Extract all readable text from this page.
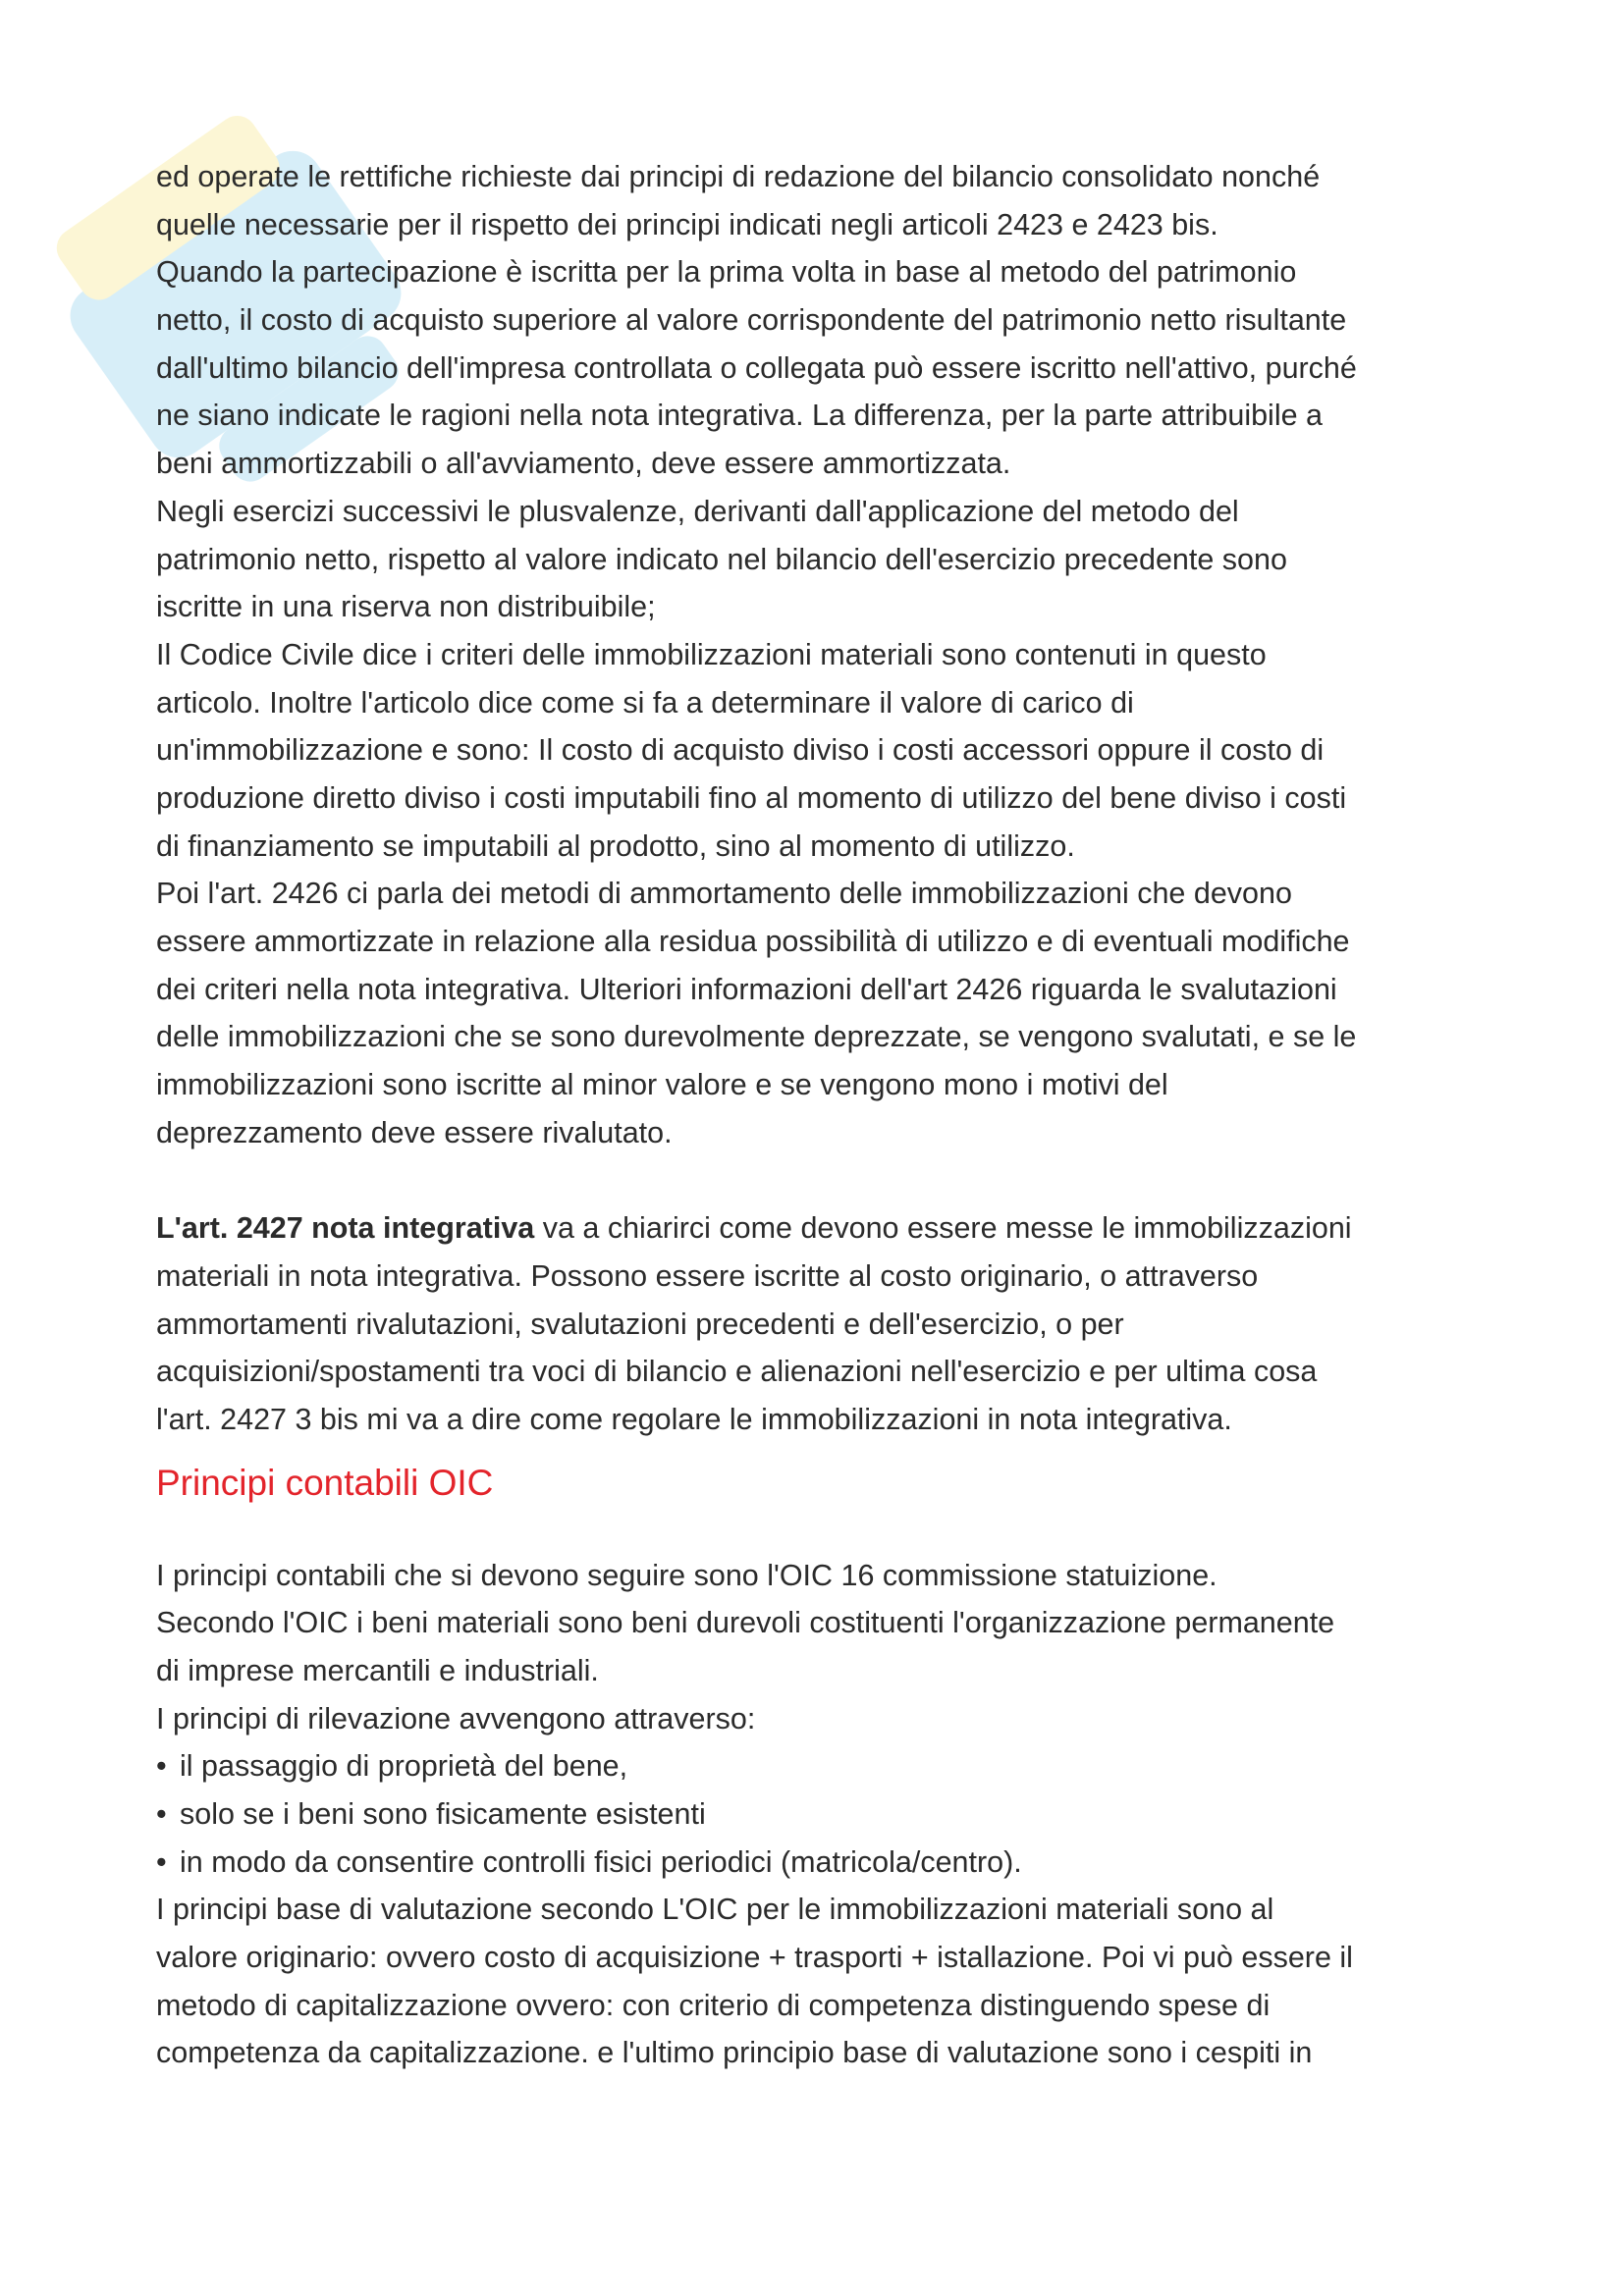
ed operate le rettifiche richieste dai principi di redazione del bilancio consolidato nonché
quelle necessarie per il rispetto dei principi indicati negli articoli 2423 e 2423 bis.
Quando la partecipazione è iscritta per la prima volta in base al metodo del patrimonio
netto, il costo di acquisto superiore al valore corrispondente del patrimonio netto risultante
dall'ultimo bilancio dell'impresa controllata o collegata può essere iscritto nell'attivo, purché
ne siano indicate le ragioni nella nota integrativa. La differenza, per la parte attribuibile a
beni ammortizzabili o all'avviamento, deve essere ammortizzata.
Negli esercizi successivi le plusvalenze, derivanti dall'applicazione del metodo del
patrimonio netto, rispetto al valore indicato nel bilancio dell'esercizio precedente sono
iscritte in una riserva non distribuibile;
Il Codice Civile dice i criteri delle immobilizzazioni materiali sono contenuti in questo
articolo. Inoltre l'articolo dice come si fa a determinare il valore di carico di
un'immobilizzazione e sono: Il costo di acquisto diviso i costi accessori oppure il costo di
produzione diretto diviso i costi imputabili fino al momento di utilizzo del bene diviso i costi
di finanziamento se imputabili al prodotto, sino al momento di utilizzo.
Poi l'art. 2426 ci parla dei metodi di ammortamento delle immobilizzazioni che devono
essere ammortizzate in relazione alla residua possibilità di utilizzo e di eventuali modifiche
dei criteri nella nota integrativa. Ulteriori informazioni dell'art 2426 riguarda le svalutazioni
delle immobilizzazioni che se sono durevolmente deprezzate, se vengono svalutati, e se le
immobilizzazioni sono iscritte al minor valore e se vengono mono i motivi del
deprezzamento deve essere rivalutato.
L'art. 2427 nota integrativa va a chiarirci come devono essere messe le immobilizzazioni
materiali in nota integrativa. Possono essere iscritte al costo originario, o attraverso
ammortamenti rivalutazioni, svalutazioni precedenti e dell'esercizio, o per
acquisizioni/spostamenti tra voci di bilancio e alienazioni nell'esercizio e per ultima cosa
l'art. 2427 3 bis mi va a dire come regolare le immobilizzazioni in nota integrativa.
Principi contabili OIC
I principi contabili che si devono seguire sono l'OIC 16 commissione statuizione.
Secondo l'OIC i beni materiali sono beni durevoli costituenti l'organizzazione permanente
di imprese mercantili e industriali.
I principi di rilevazione avvengono attraverso:
• il passaggio di proprietà del bene,
• solo se i beni sono fisicamente esistenti
• in modo da consentire controlli fisici periodici (matricola/centro).
I principi base di valutazione secondo L'OIC per le immobilizzazioni materiali sono al
valore originario: ovvero costo di acquisizione + trasporti + istallazione. Poi vi può essere il
metodo di capitalizzazione ovvero: con criterio di competenza distinguendo spese di
competenza da capitalizzazione. e l'ultimo principio base di valutazione sono i cespiti in
